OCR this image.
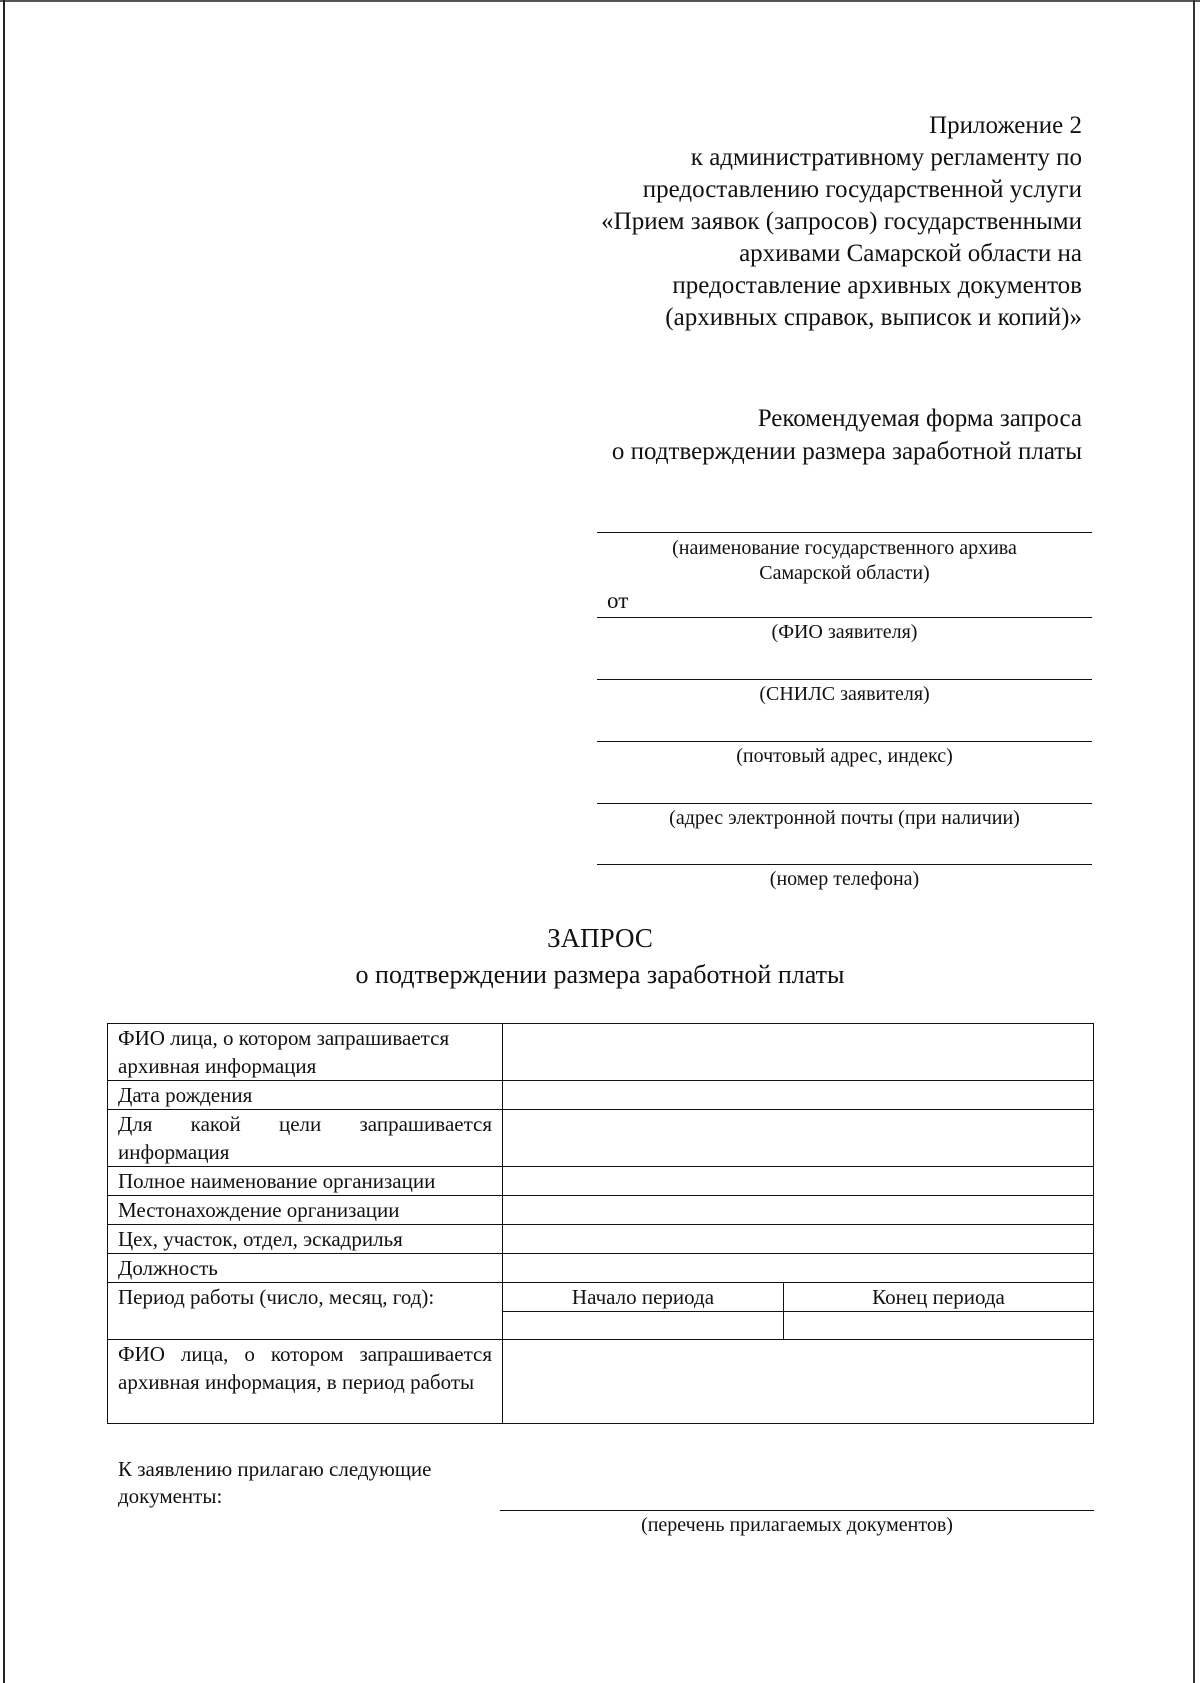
Приложение 2
к административному регламенту по
предоставлению государственной услуги
«Прием заявок (запросов) государственными
архивами Самарской области на
предоставление архивных документов
(архивных справок, выписок и копий)»
Рекомендуемая форма запроса
о подтверждении размера заработной платы
(наименование государственного архива
Самарской области)
от
(ФИО заявителя)
(СНИЛС заявителя)
(почтовый адрес, индекс)
(адрес электронной почты (при наличии)
(номер телефона)
ЗАПРОС
о подтверждении размера заработной платы
ФИО лица, о котором запрашивается архивная информация		
Дата рождения		
Для какой цели запрашивается информация		
Полное наименование организации		
Местонахождение организации		
Цех, участок, отдел, эскадрилья		
Должность		
Период работы (число, месяц, год):	Начало периода	Конец периода

ФИО лица, о котором запрашивается архивная информация, в период работы		
К заявлению прилагаю следующие документы:
(перечень прилагаемых документов)
